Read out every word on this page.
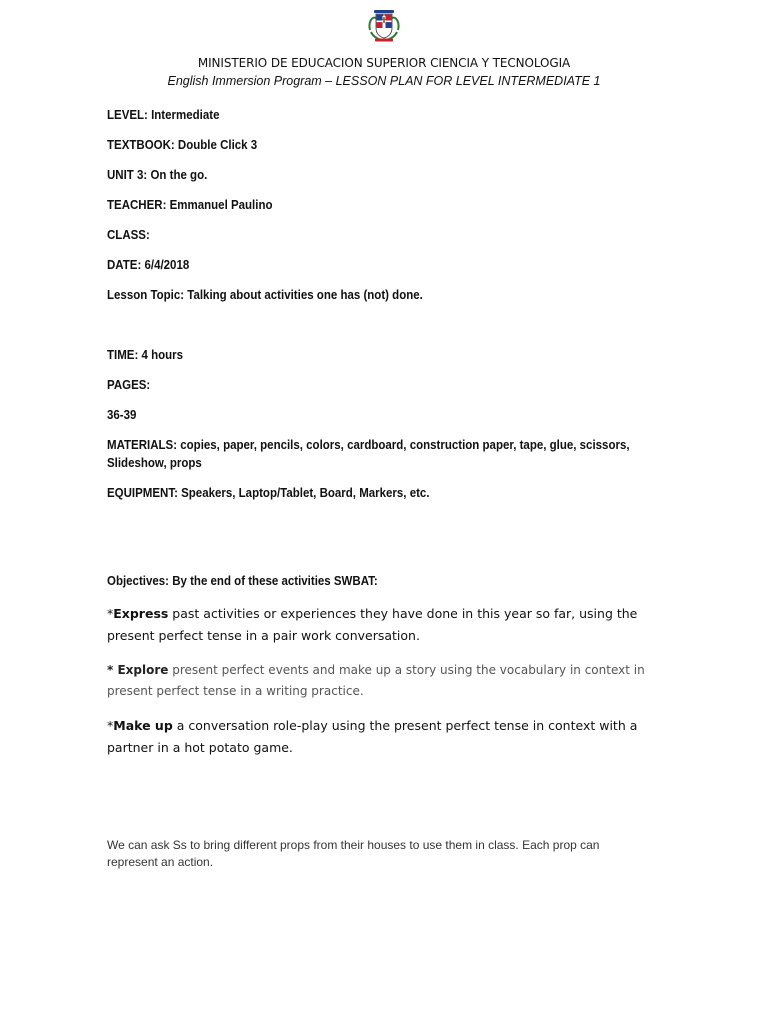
MINISTERIO DE EDUCACION SUPERIOR CIENCIA Y TECNOLOGIA
English Immersion Program – LESSON PLAN FOR LEVEL INTERMEDIATE 1
LEVEL: Intermediate
TEXTBOOK: Double Click 3
UNIT 3: On the go.
TEACHER: Emmanuel Paulino
CLASS:
DATE: 6/4/2018
Lesson Topic: Talking about activities one has (not) done.
TIME: 4 hours
PAGES:
36-39
MATERIALS: copies, paper, pencils, colors, cardboard, construction paper, tape, glue, scissors, Slideshow, props
EQUIPMENT: Speakers, Laptop/Tablet, Board, Markers, etc.
Objectives: By the end of these activities SWBAT:
*Express past activities or experiences they have done in this year so far, using the present perfect tense in a pair work conversation.
* Explore present perfect events and make up a story using the vocabulary in context in present perfect tense in a writing practice.
*Make up a conversation role-play using the present perfect tense in context with a partner in a hot potato game.
We can ask Ss to bring different props from their houses to use them in class. Each prop can represent an action.
